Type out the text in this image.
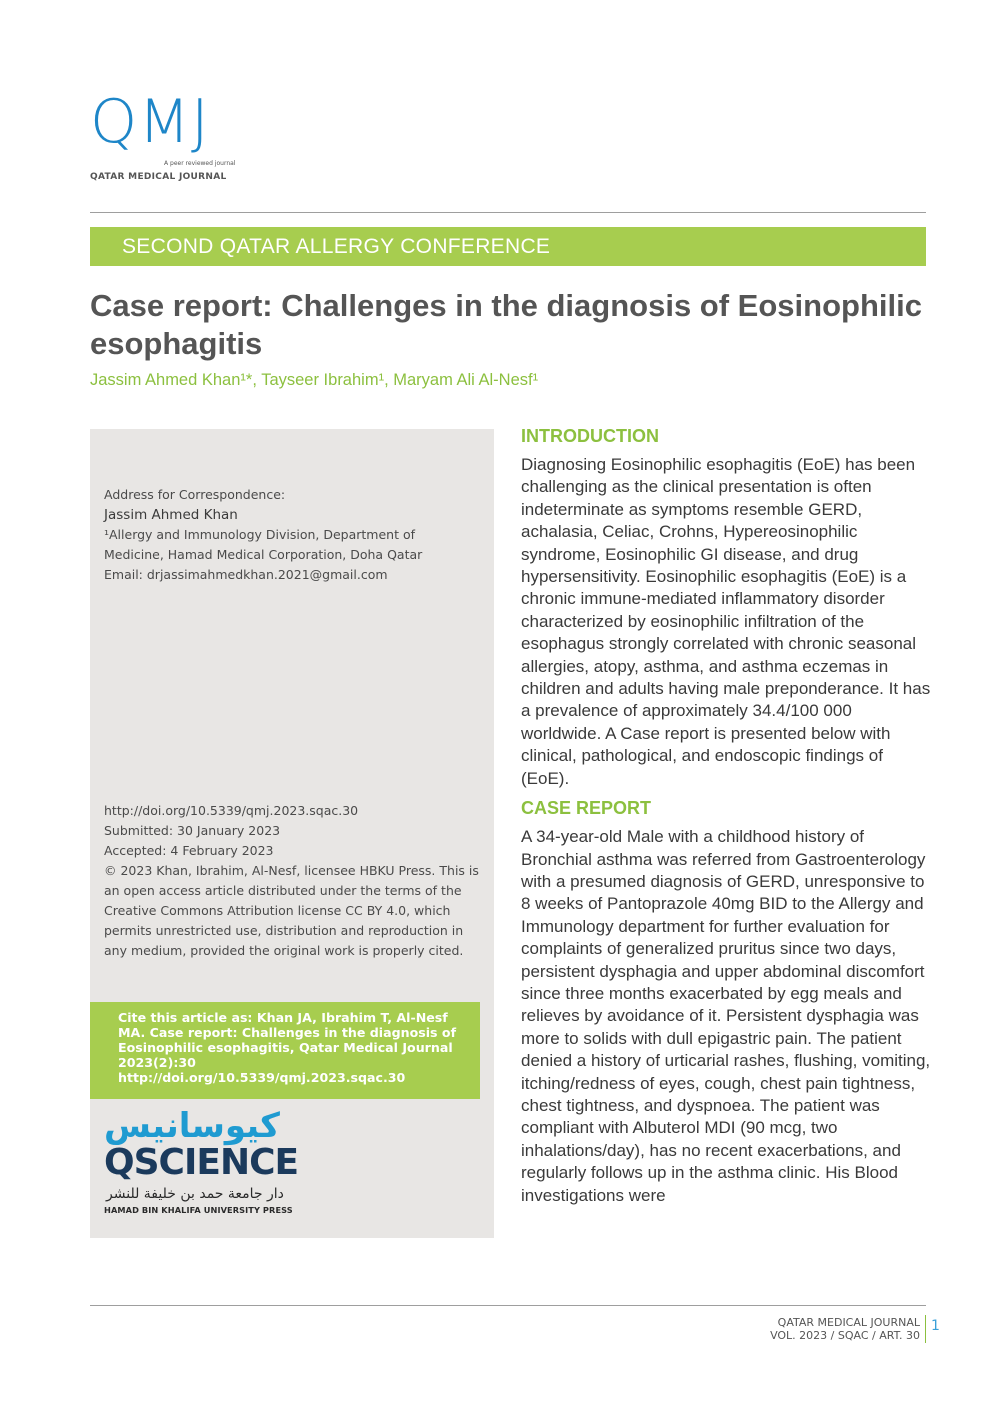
QMJ
A peer reviewed journal
QATAR MEDICAL JOURNAL
SECOND QATAR ALLERGY CONFERENCE
Case report: Challenges in the diagnosis of Eosinophilic esophagitis
Jassim Ahmed Khan¹*, Tayseer Ibrahim¹, Maryam Ali Al-Nesf¹
Address for Correspondence:
Jassim Ahmed Khan
¹Allergy and Immunology Division, Department of Medicine, Hamad Medical Corporation, Doha Qatar
Email: drjassimahmedkhan.2021@gmail.com
http://doi.org/10.5339/qmj.2023.sqac.30
Submitted: 30 January 2023
Accepted: 4 February 2023
© 2023 Khan, Ibrahim, Al-Nesf, licensee HBKU Press. This is an open access article distributed under the terms of the Creative Commons Attribution license CC BY 4.0, which permits unrestricted use, distribution and reproduction in any medium, provided the original work is properly cited.
Cite this article as: Khan JA, Ibrahim T, Al-Nesf MA. Case report: Challenges in the diagnosis of Eosinophilic esophagitis, Qatar Medical Journal 2023(2):30 http://doi.org/10.5339/qmj.2023.sqac.30
كيوسانيس
QSCIENCE
دار جامعة حمد بن خليفة للنشر
HAMAD BIN KHALIFA UNIVERSITY PRESS
INTRODUCTION

Diagnosing Eosinophilic esophagitis (EoE) has been challenging as the clinical presentation is often indeterminate as symptoms resemble GERD, achalasia, Celiac, Crohns, Hypereosinophilic syndrome, Eosinophilic GI disease, and drug hypersensitivity. Eosinophilic esophagitis (EoE) is a chronic immune-mediated inflammatory disorder characterized by eosinophilic infiltration of the esophagus strongly correlated with chronic seasonal allergies, atopy, asthma, and asthma eczemas in children and adults having male preponderance. It has a prevalence of approximately 34.4/100 000 worldwide. A Case report is presented below with clinical, pathological, and endoscopic findings of (EoE).

CASE REPORT

A 34-year-old Male with a childhood history of Bronchial asthma was referred from Gastroenterology with a presumed diagnosis of GERD, unresponsive to 8 weeks of Pantoprazole 40mg BID to the Allergy and Immunology department for further evaluation for complaints of generalized pruritus since two days, persistent dysphagia and upper abdominal discomfort since three months exacerbated by egg meals and relieves by avoidance of it. Persistent dysphagia was more to solids with dull epigastric pain. The patient denied a history of urticarial rashes, flushing, vomiting, itching/redness of eyes, cough, chest pain tightness, chest tightness, and dyspnoea. The patient was compliant with Albuterol MDI (90 mcg, two inhalations/day), has no recent exacerbations, and regularly follows up in the asthma clinic. His Blood investigations were

QATAR MEDICAL JOURNAL
VOL. 2023 / SQAC / ART. 30
1
